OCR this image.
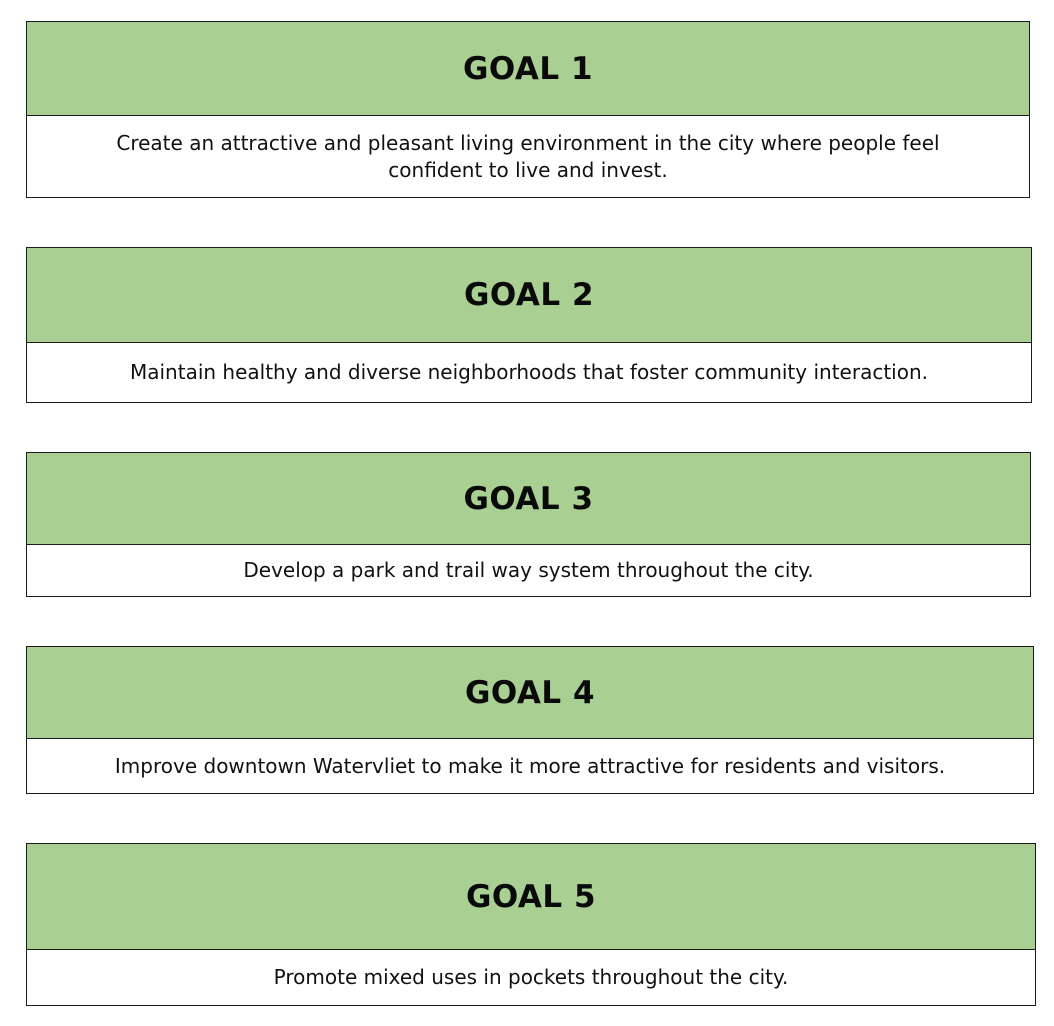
GOAL 1
Create an attractive and pleasant living environment in the city where people feel confident to live and invest.
GOAL 2
Maintain healthy and diverse neighborhoods that foster community interaction.
GOAL 3
Develop a park and trail way system throughout the city.
GOAL 4
Improve downtown Watervliet to make it more attractive for residents and visitors.
GOAL 5
Promote mixed uses in pockets throughout the city.
